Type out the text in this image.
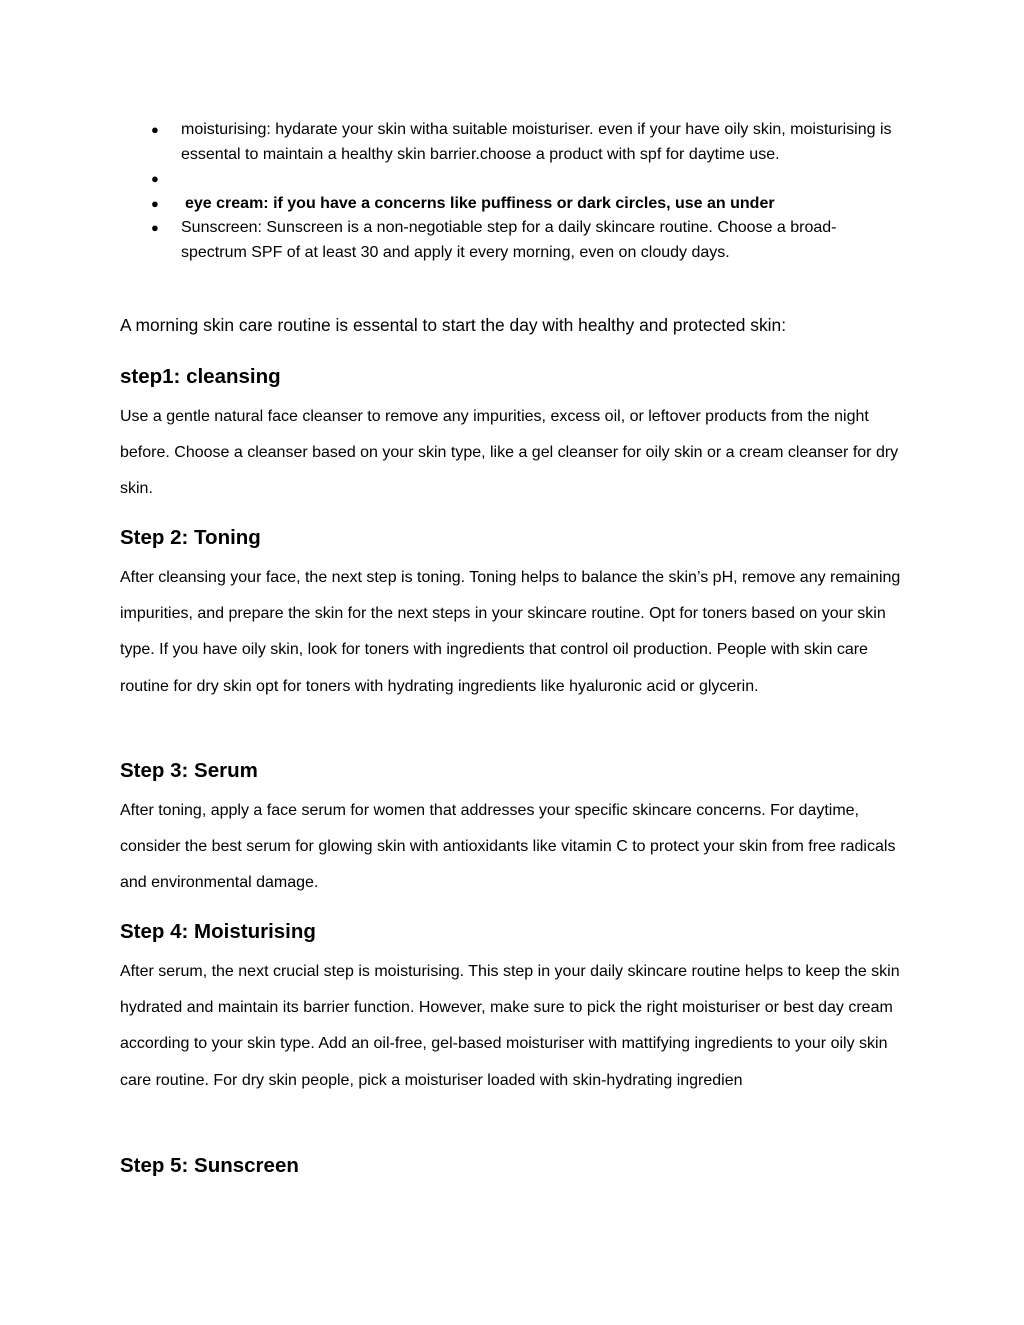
● moisturising: hydarate your skin witha suitable moisturiser. even if your have oily skin, moisturising is essental to maintain a healthy skin barrier.choose a product with spf for daytime use.
●
● eye cream: if you have a concerns like puffiness or dark circles, use an under
● Sunscreen: Sunscreen is a non-negotiable step for a daily skincare routine. Choose a broad-spectrum SPF of at least 30 and apply it every morning, even on cloudy days.

A morning skin care routine is essental to start the day with healthy and protected skin:

step1: cleansing

Use a gentle natural face cleanser to remove any impurities, excess oil, or leftover products from the night before. Choose a cleanser based on your skin type, like a gel cleanser for oily skin or a cream cleanser for dry skin.

Step 2: Toning

After cleansing your face, the next step is toning. Toning helps to balance the skin’s pH, remove any remaining impurities, and prepare the skin for the next steps in your skincare routine. Opt for toners based on your skin type. If you have oily skin, look for toners with ingredients that control oil production. People with skin care routine for dry skin opt for toners with hydrating ingredients like hyaluronic acid or glycerin.

Step 3: Serum

After toning, apply a face serum for women that addresses your specific skincare concerns. For daytime, consider the best serum for glowing skin with antioxidants like vitamin C to protect your skin from free radicals and environmental damage.

Step 4: Moisturising

After serum, the next crucial step is moisturising. This step in your daily skincare routine helps to keep the skin hydrated and maintain its barrier function. However, make sure to pick the right moisturiser or best day cream according to your skin type. Add an oil-free, gel-based moisturiser with mattifying ingredients to your oily skin care routine. For dry skin people, pick a moisturiser loaded with skin-hydrating ingredien

Step 5: Sunscreen
